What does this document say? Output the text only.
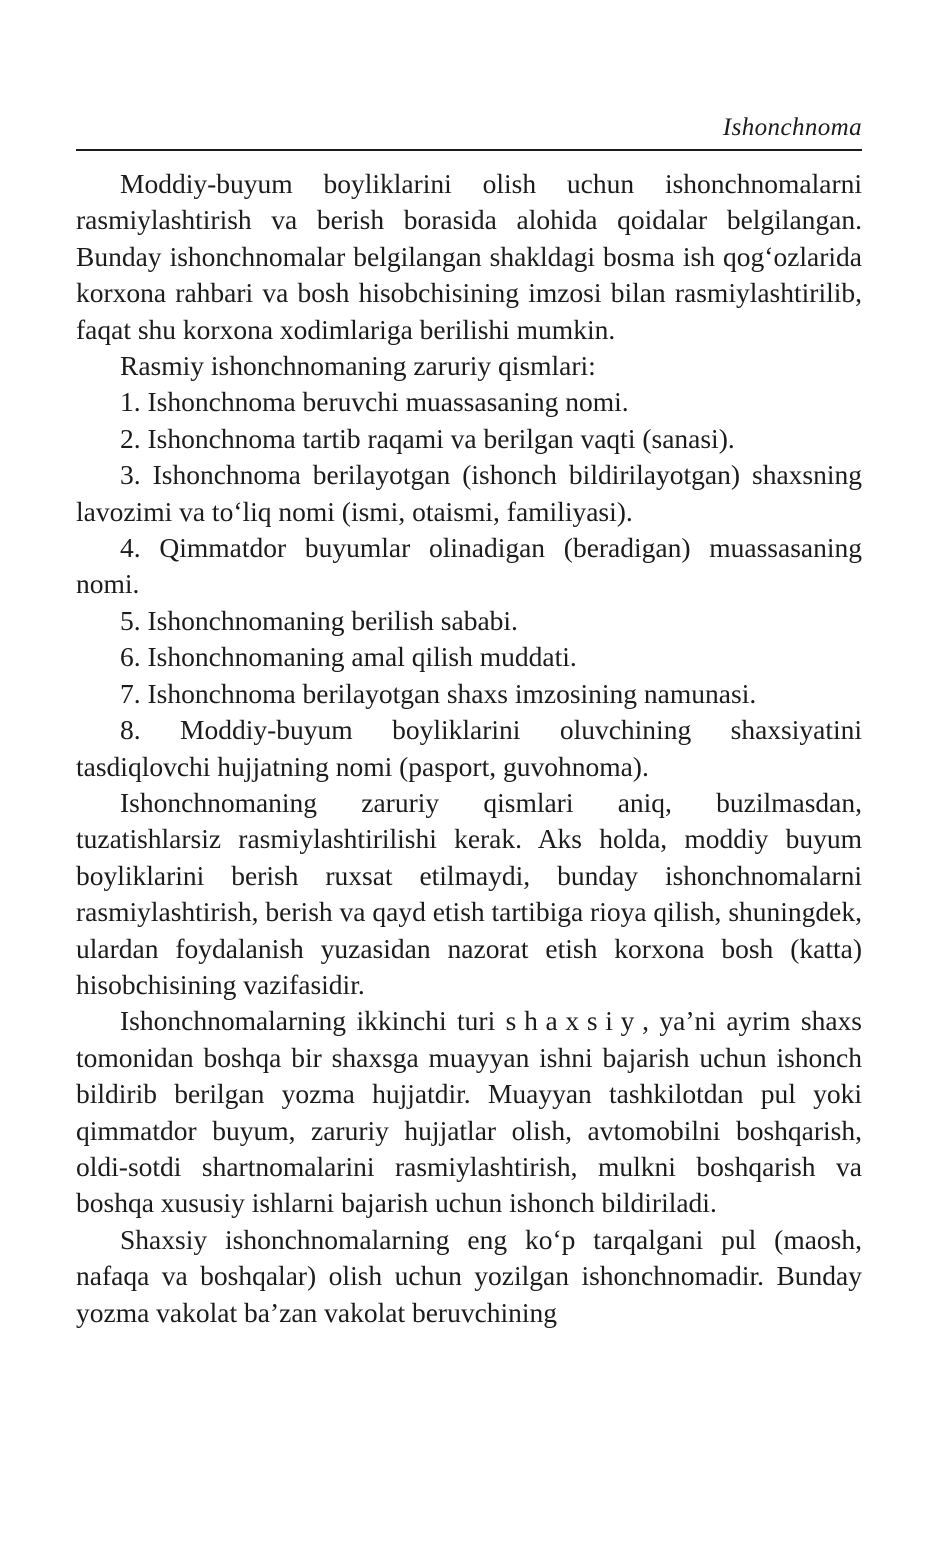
Ishonchnoma

Moddiy-buyum boyliklarini olish uchun ishonchnomalarni rasmiylashtirish va berish borasida alohida qoidalar belgilangan. Bunday ishonchnomalar belgilangan shakldagi bosma ish qog‘ozlarida korxona rahbari va bosh hisobchisining imzosi bilan rasmiylashtirilib, faqat shu korxona xodimlariga berilishi mumkin.

Rasmiy ishonchnomaning zaruriy qismlari:

1. Ishonchnoma beruvchi muassasaning nomi.

2. Ishonchnoma tartib raqami va berilgan vaqti (sanasi).

3. Ishonchnoma berilayotgan (ishonch bildirilayotgan) shaxsning lavozimi va to‘liq nomi (ismi, otaismi, familiyasi).

4. Qimmatdor buyumlar olinadigan (beradigan) muassasaning nomi.

5. Ishonchnomaning berilish sababi.

6. Ishonchnomaning amal qilish muddati.

7. Ishonchnoma berilayotgan shaxs imzosining namunasi.

8. Moddiy-buyum boyliklarini oluvchining shaxsiyatini tasdiqlovchi hujjatning nomi (pasport, guvohnoma).

Ishonchnomaning zaruriy qismlari aniq, buzilmasdan, tuzatishlarsiz rasmiylashtirilishi kerak. Aks holda, moddiy buyum boyliklarini berish ruxsat etilmaydi, bunday ishonchnomalarni rasmiylashtirish, berish va qayd etish tartibiga rioya qilish, shuningdek, ulardan foydalanish yuzasidan nazorat etish korxona bosh (katta) hisobchisining vazifasidir.

Ishonchnomalarning ikkinchi turi shaxsiy, ya’ni ayrim shaxs tomonidan boshqa bir shaxsga muayyan ishni bajarish uchun ishonch bildirib berilgan yozma hujjatdir. Muayyan tashkilotdan pul yoki qimmatdor buyum, zaruriy hujjatlar olish, avtomobilni boshqarish, oldi-sotdi shartnomalarini rasmiylashtirish, mulkni boshqarish va boshqa xususiy ishlarni bajarish uchun ishonch bildiriladi.

Shaxsiy ishonchnomalarning eng ko‘p tarqalgani pul (maosh, nafaqa va boshqalar) olish uchun yozilgan ishonchnomadir. Bunday yozma vakolat ba’zan vakolat beruvchining
